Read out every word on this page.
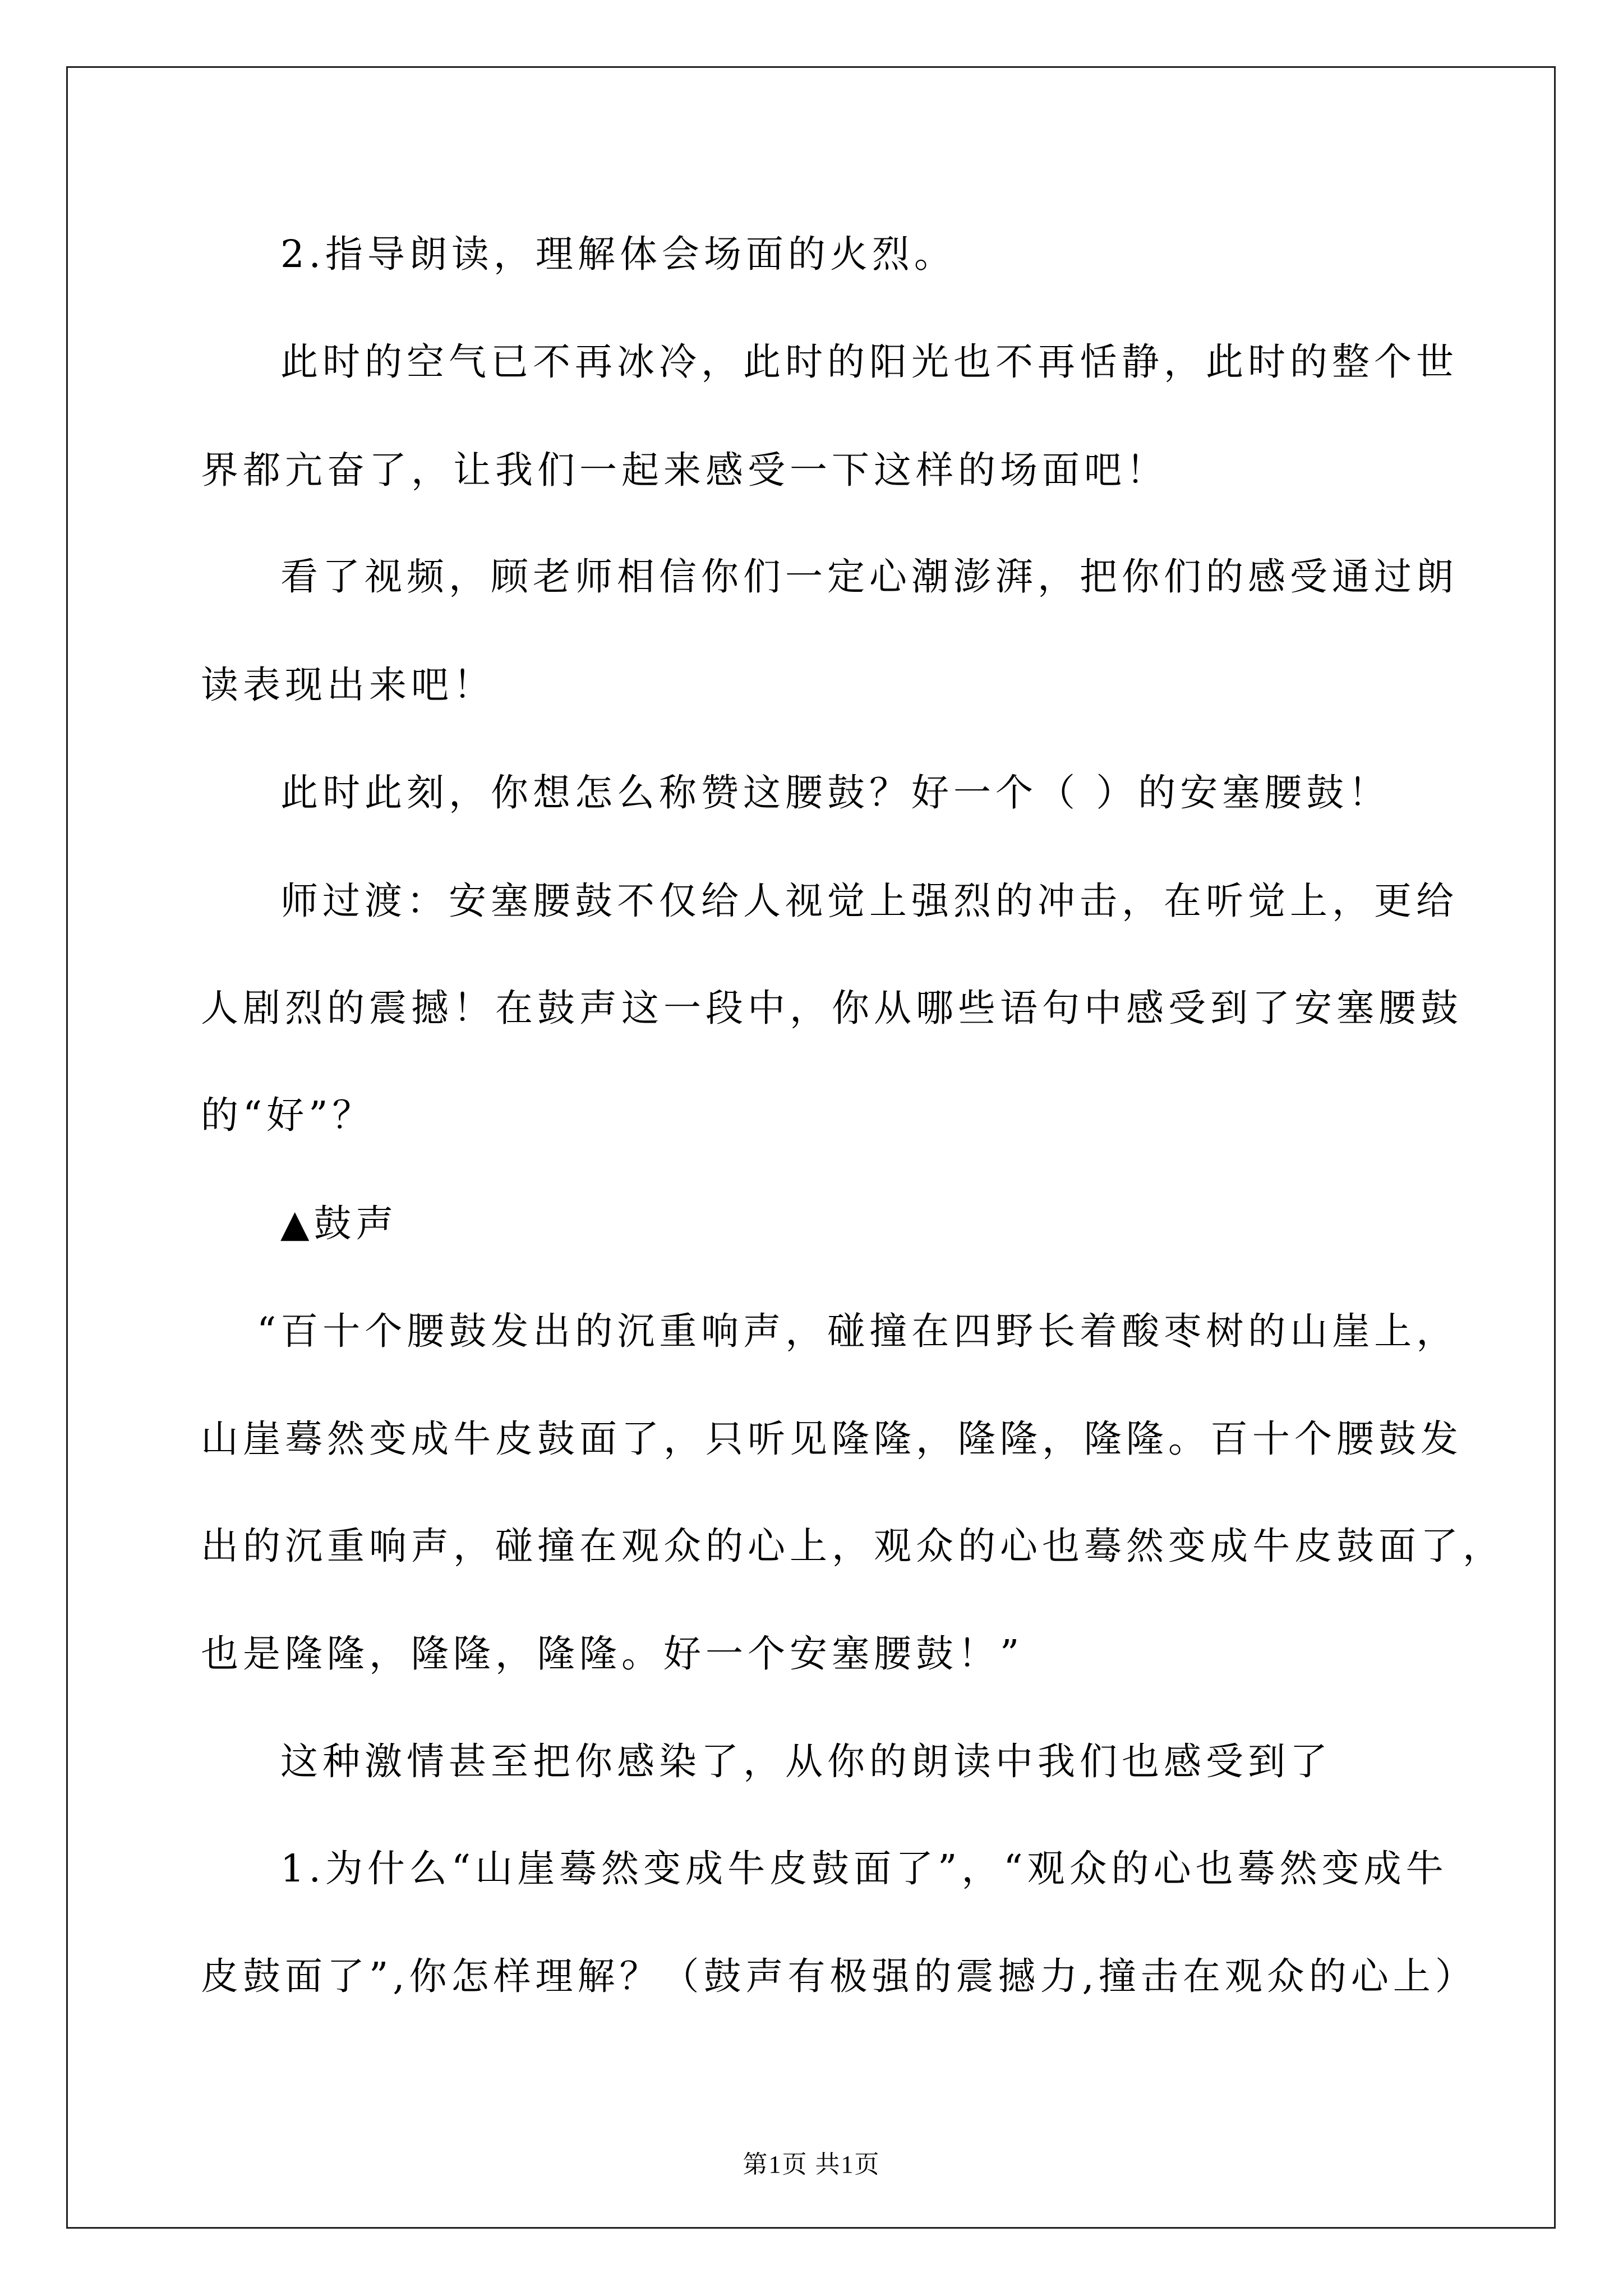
2.指导朗读，理解体会场面的火烈。

此时的空气已不再冰冷，此时的阳光也不再恬静，此时的整个世

界都亢奋了，让我们一起来感受一下这样的场面吧！

看了视频，顾老师相信你们一定心潮澎湃，把你们的感受通过朗

读表现出来吧！

此时此刻，你想怎么称赞这腰鼓？好一个（ ）的安塞腰鼓！

师过渡：安塞腰鼓不仅给人视觉上强烈的冲击，在听觉上，更给

人剧烈的震撼！在鼓声这一段中，你从哪些语句中感受到了安塞腰鼓

的“好”？

▲鼓声

“百十个腰鼓发出的沉重响声，碰撞在四野长着酸枣树的山崖上，

山崖蓦然变成牛皮鼓面了，只听见隆隆，隆隆，隆隆。百十个腰鼓发

出的沉重响声，碰撞在观众的心上，观众的心也蓦然变成牛皮鼓面了，

也是隆隆，隆隆，隆隆。好一个安塞腰鼓！”

这种激情甚至把你感染了，从你的朗读中我们也感受到了

1.为什么“山崖蓦然变成牛皮鼓面了”，“观众的心也蓦然变成牛

皮鼓面了”,你怎样理解？（鼓声有极强的震撼力,撞击在观众的心上）

第1页 共1页
